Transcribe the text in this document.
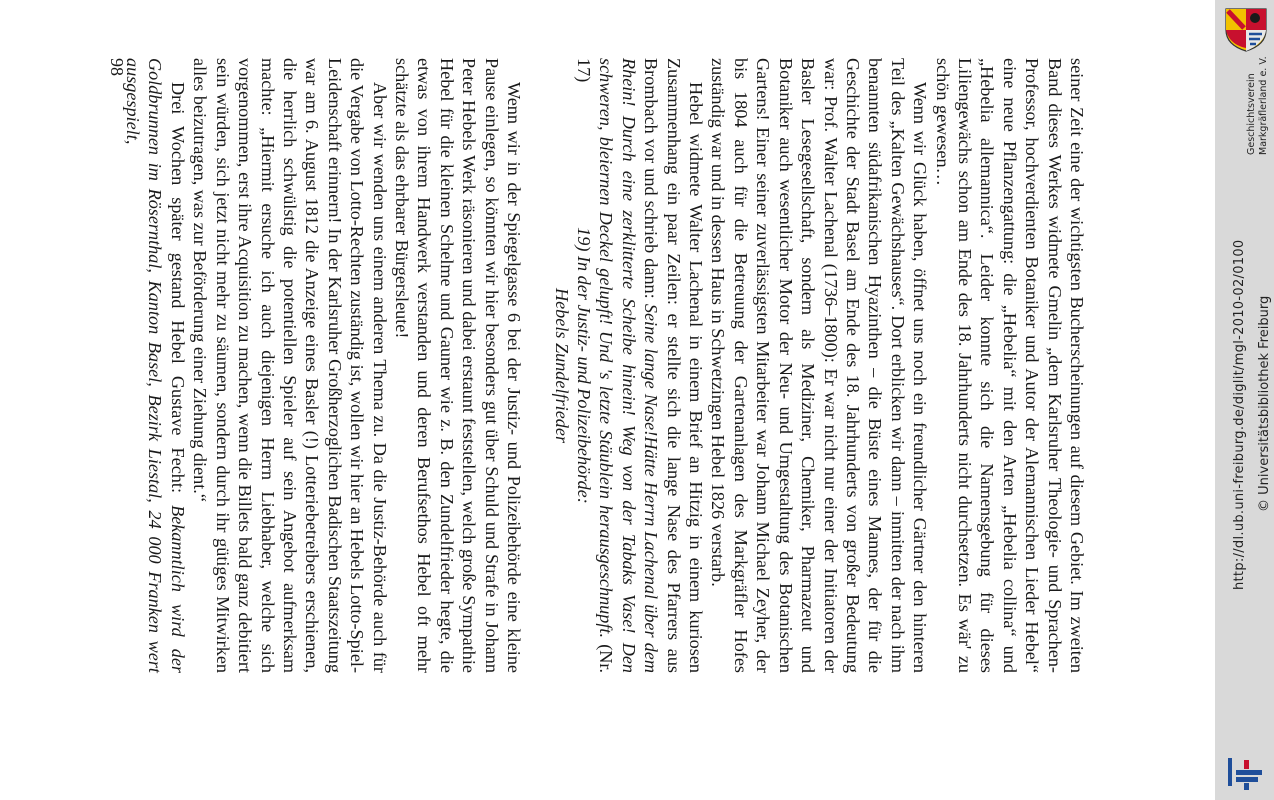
seiner Zeit eine der wichtigsten Bucherscheinungen auf diesem Gebiet. Im zweiten Band dieses Werkes widmete Gmelin „dem Karlsruher Theologie- und Sprachen-Professor, hochverdienten Botaniker und Autor der Alemannischen Lieder Hebel“ eine neue Pflanzengattung: die „Hebelia“ mit den Arten „Hebelia collina“ und „Hebelia allemannica“. Leider konnte sich die Namensgebung für dieses Liliengewächs schon am Ende des 18. Jahrhunderts nicht durchsetzen. Es wär' zu schön gewesen…

Wenn wir Glück haben, öffnet uns noch ein freundlicher Gärtner den hinteren Teil des „Kalten Gewächshauses“. Dort erblicken wir dann – inmitten der nach ihm benannten südafrikanischen Hyazinthen – die Büste eines Mannes, der für die Geschichte der Stadt Basel am Ende des 18. Jahrhunderts von großer Bedeutung war: Prof. Walter Lachenal (1736–1800): Er war nicht nur einer der Initiatoren der Basler Lesegesellschaft, sondern als Mediziner, Chemiker, Pharmazeut und Botaniker auch wesentlicher Motor der Neu- und Umgestaltung des Botanischen Gartens! Einer seiner zuverlässigsten Mitarbeiter war Johann Michael Zeyher, der bis 1804 auch für die Betreuung der Gartenanlagen des Markgräfler Hofes zuständig war und in dessen Haus in Schwetzingen Hebel 1826 verstarb.

Hebel widmete Walter Lachenal in einem Brief an Hitzig in einem kuriosen Zusammenhang ein paar Zeilen: er stellte sich die lange Nase des Pfarrers aus Brombach vor und schrieb dann: Seine lange Nase!Hätte Herrn Lachenal über dem Rhein! Durch eine zerklitterte Scheibe hinein! Weg von der Tabaks Vase! Den schweren, bleiernen Deckel gelupft! Und 's letzte Stäublein herausgeschnupft. (Nr. 17)

19) In der Justiz- und Polizeibehörde:
Hebels Zundelfrieder

Wenn wir in der Spiegelgasse 6 bei der Justiz- und Polizeibehörde eine kleine Pause einlegen, so könnten wir hier besonders gut über Schuld und Strafe in Johann Peter Hebels Werk räsonieren und dabei erstaunt feststellen, welch große Sympathie Hebel für die kleinen Schelme und Gauner wie z. B. den Zundelfrieder hegte, die etwas von ihrem Handwerk verstanden und deren Berufsethos Hebel oft mehr schätzte als das ehrbarer Bürgersleute!

Aber wir wenden uns einem anderen Thema zu. Da die Justiz-Behörde auch für die Vergabe von Lotto-Rechten zuständig ist, wollen wir hier an Hebels Lotto-Spiel-Leidenschaft erinnern! In der Karlsruher Großherzoglichen Badischen Staatszeitung war am 6. August 1812 die Anzeige eines Basler (!) Lotteriebetreibers erschienen, die herrlich schwülstig die potentiellen Spieler auf sein Angebot aufmerksam machte: „Hiermit ersuche ich auch diejenigen Herrn Liebhaber, welche sich vorgenommen, erst ihre Acquisition zu machen, wenn die Billets bald ganz debitiert sein würden, sich jetzt nicht mehr zu säumen, sondern durch ihr gütiges Mitwirken alles beizutragen, was zur Beförderung einer Ziehung dient.“

Drei Wochen später gestand Hebel Gustave Fecht: Bekanntlich wird der Goldbrunnen im Rösernthal, Kanton Basel, Bezirk Liestal, 24 000 Franken wert ausgespielt,

98
Geschichtsverein Markgräflerland e. V.
http://dl.ub.uni-freiburg.de/diglit/mgl-2010-02/0100 © Universitätsbibliothek Freiburg
